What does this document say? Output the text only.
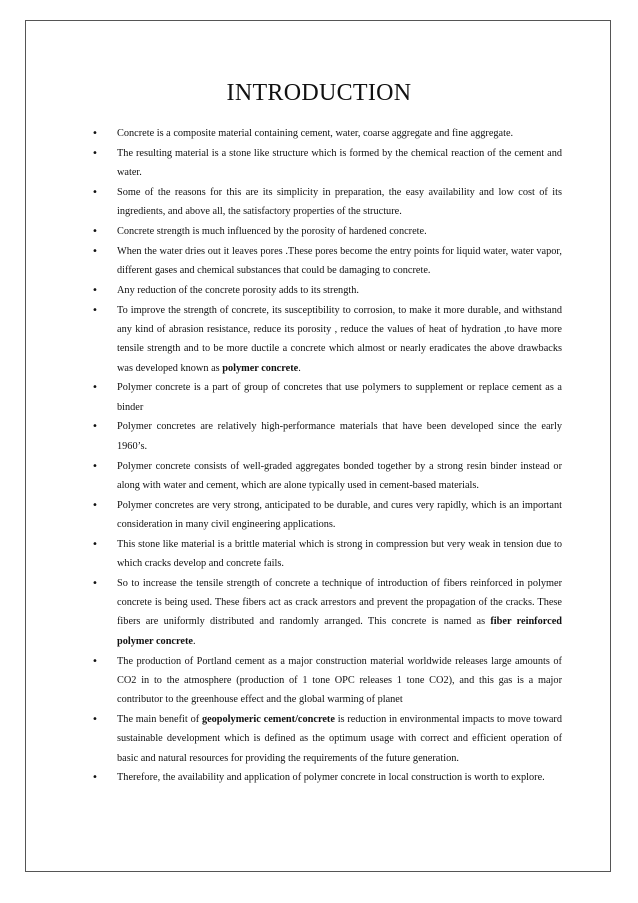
INTRODUCTION
• Concrete is a composite material containing cement, water, coarse aggregate and fine aggregate.
• The resulting material is a stone like structure which is formed by the chemical reaction of the cement and water.
• Some of the reasons for this are its simplicity in preparation, the easy availability and low cost of its ingredients, and above all, the satisfactory properties of the structure.
• Concrete strength is much influenced by the porosity of hardened concrete.
• When the water dries out it leaves pores .These pores become the entry points for liquid water, water vapor, different gases and chemical substances that could be damaging to concrete.
• Any reduction of the concrete porosity adds to its strength.
• To improve the strength of concrete, its susceptibility to corrosion, to make it more durable, and withstand any kind of abrasion resistance, reduce its porosity , reduce the values of heat of hydration ,to have more tensile strength and to be more ductile a concrete which almost or nearly eradicates the above drawbacks was developed known as polymer concrete.
• Polymer concrete is a part of group of concretes that use polymers to supplement or replace cement as a binder
• Polymer concretes are relatively high-performance materials that have been developed since the early 1960’s.
• Polymer concrete consists of well-graded aggregates bonded together by a strong resin binder instead or along with water and cement, which are alone typically used in cement-based materials.
• Polymer concretes are very strong, anticipated to be durable, and cures very rapidly, which is an important consideration in many civil engineering applications.
• This stone like material is a brittle material which is strong in compression but very weak in tension due to which cracks develop and concrete fails.
• So to increase the tensile strength of concrete a technique of introduction of fibers reinforced in polymer concrete is being used. These fibers act as crack arrestors and prevent the propagation of the cracks. These fibers are uniformly distributed and randomly arranged. This concrete is named as fiber reinforced polymer concrete.
• The production of Portland cement as a major construction material worldwide releases large amounts of CO2 in to the atmosphere (production of 1 tone OPC releases 1 tone CO2), and this gas is a major contributor to the greenhouse effect and the global warming of planet
• The main benefit of geopolymeric cement/concrete is reduction in environmental impacts to move toward sustainable development which is defined as the optimum usage with correct and efficient operation of basic and natural resources for providing the requirements of the future generation.
• Therefore, the availability and application of polymer concrete in local construction is worth to explore.
